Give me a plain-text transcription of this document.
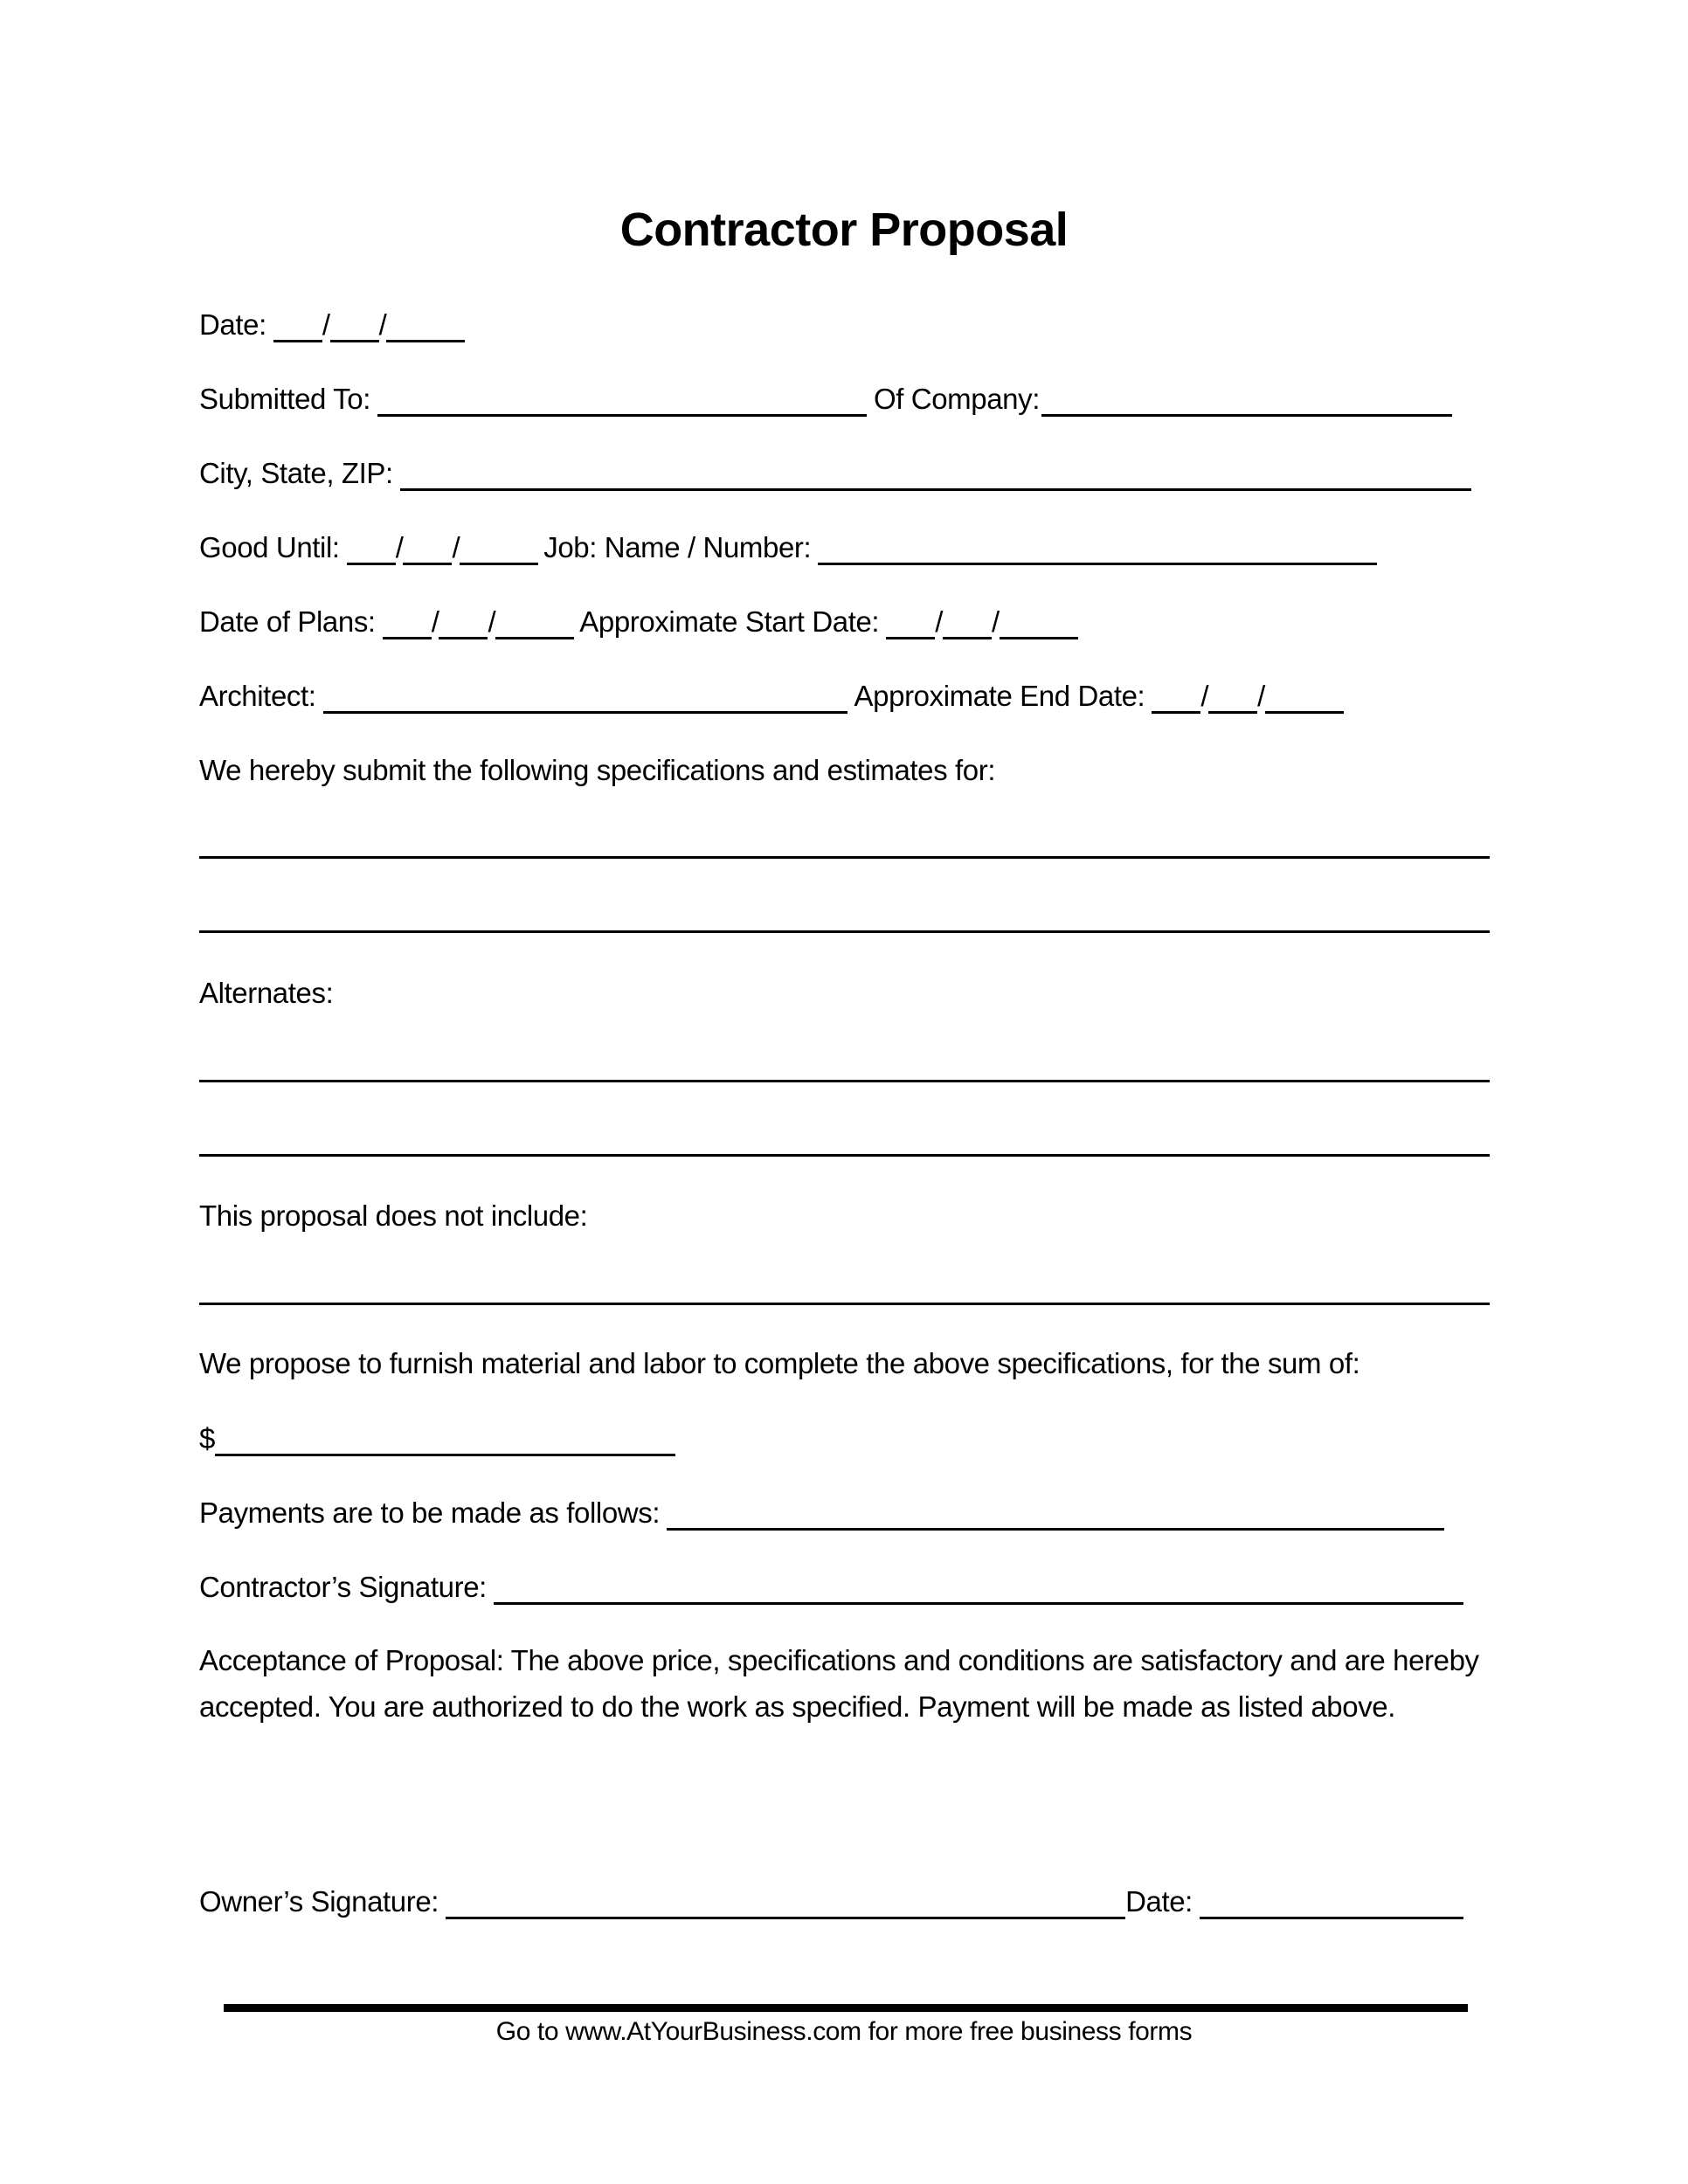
Contractor Proposal
Date: / /
Submitted To:	Of Company:
City, State, ZIP:
Good Until: / /	Job: Name / Number:
Date of Plans: / /	Approximate Start Date: / /
Architect:	Approximate End Date: / /
We hereby submit the following specifications and estimates for:
Alternates:
This proposal does not include:
We propose to furnish material and labor to complete the above specifications, for the sum of:
$
Payments are to be made as follows:
Contractor’s Signature:
Acceptance of Proposal: The above price, specifications and conditions are satisfactory and are hereby accepted. You are authorized to do the work as specified. Payment will be made as listed above.
Owner’s Signature:	Date:
Go to www.AtYourBusiness.com for more free business forms
